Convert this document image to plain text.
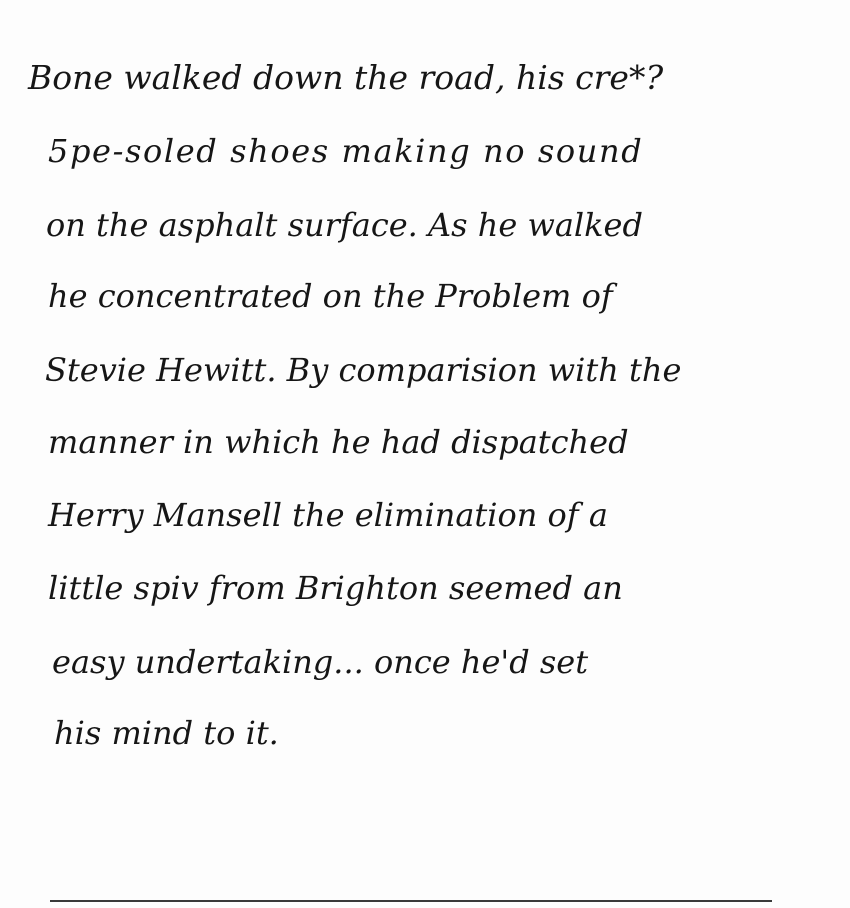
Bone walked down the road, his cre*?
5pe-soled shoes making no sound
on the asphalt surface. As he walked
he concentrated on the Problem of
Stevie Hewitt. By comparision with the
manner in which he had dispatched
Herry Mansell the elimination of a
little spiv from Brighton seemed an
easy undertaking... once he'd set
his mind to it.
